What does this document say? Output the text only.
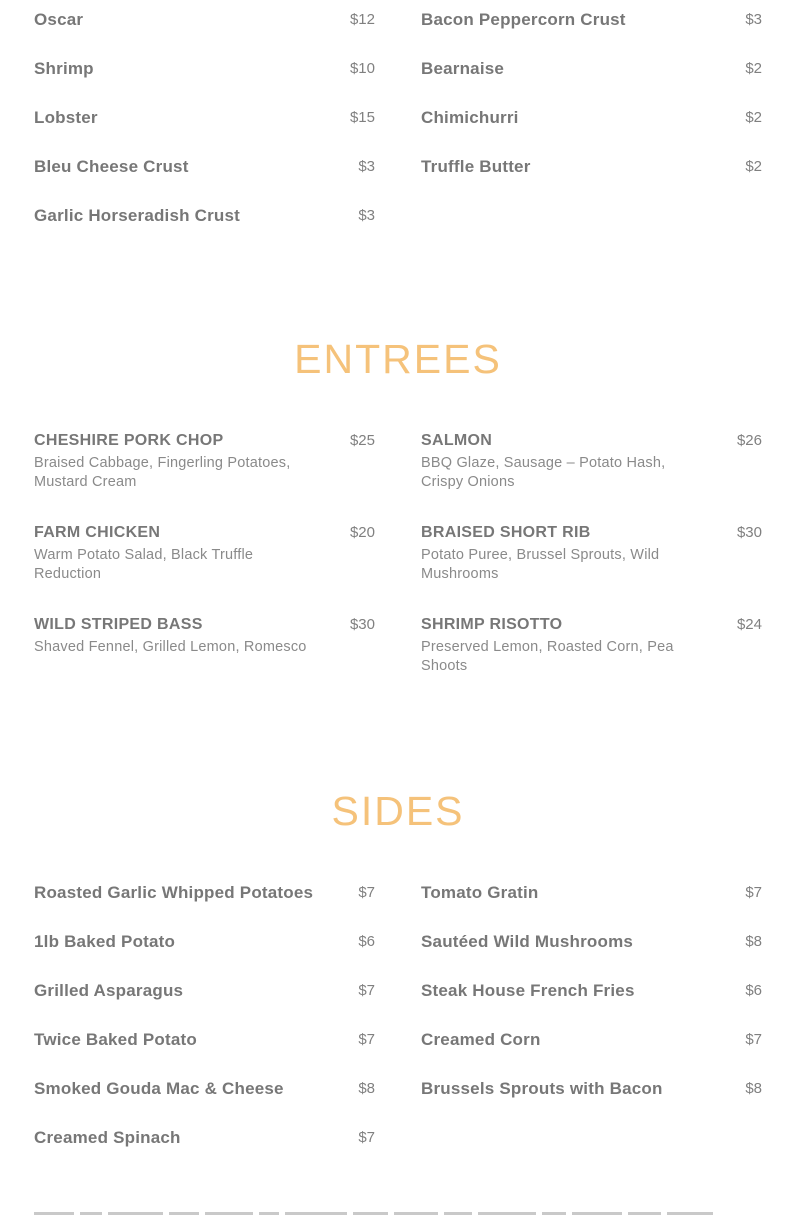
Oscar	$12
Shrimp	$10
Lobster	$15
Bleu Cheese Crust	$3
Garlic Horseradish Crust	$3
Bacon Peppercorn Crust	$3
Bearnaise	$2
Chimichurri	$2
Truffle Butter	$2
ENTREES
CHESHIRE PORK CHOP	$25
Braised Cabbage, Fingerling Potatoes, Mustard Cream
FARM CHICKEN	$20
Warm Potato Salad, Black Truffle Reduction
WILD STRIPED BASS	$30
Shaved Fennel, Grilled Lemon, Romesco
SALMON	$26
BBQ Glaze, Sausage – Potato Hash, Crispy Onions
BRAISED SHORT RIB	$30
Potato Puree, Brussel Sprouts, Wild Mushrooms
SHRIMP RISOTTO	$24
Preserved Lemon, Roasted Corn, Pea Shoots
SIDES
Roasted Garlic Whipped Potatoes	$7
1lb Baked Potato	$6
Grilled Asparagus	$7
Twice Baked Potato	$7
Smoked Gouda Mac & Cheese	$8
Creamed Spinach	$7
Tomato Gratin	$7
Sautéed Wild Mushrooms	$8
Steak House French Fries	$6
Creamed Corn	$7
Brussels Sprouts with Bacon	$8
